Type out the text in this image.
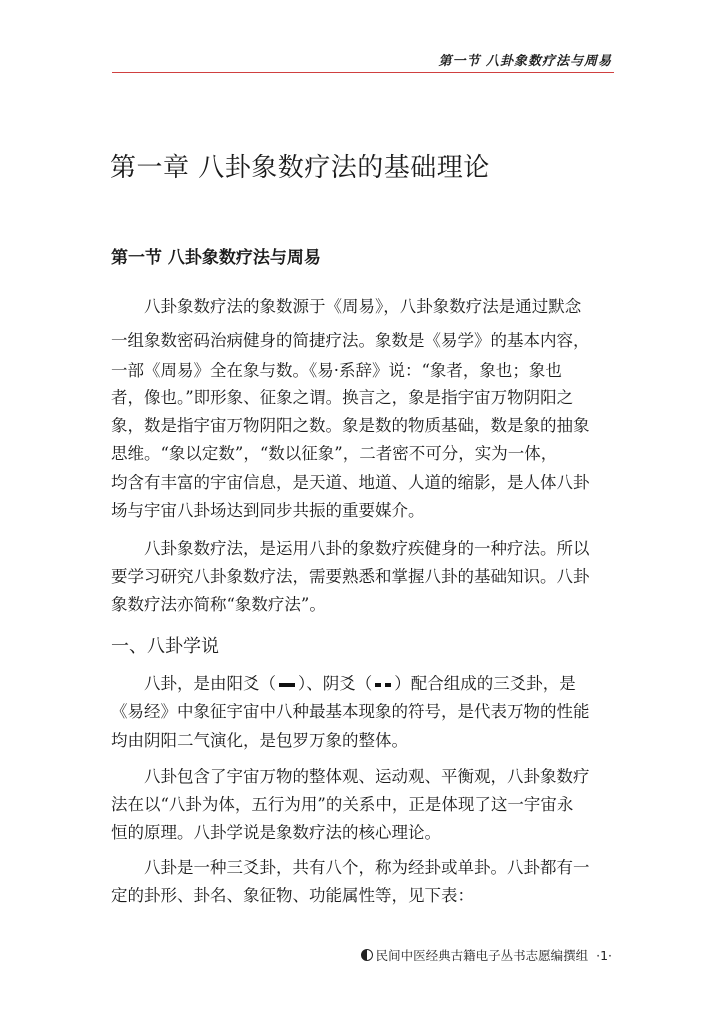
第一节 八卦象数疗法与周易
第一章 八卦象数疗法的基础理论
第一节 八卦象数疗法与周易

八卦象数疗法的象数源于《周易》，八卦象数疗法是通过默念

一组象数密码治病健身的简捷疗法。象数是《易学》的基本内容，

一部《周易》全在象与数。《易·系辞》说：“象者，象也；象也

者，像也。”即形象、征象之谓。换言之，象是指宇宙万物阴阳之

象，数是指宇宙万物阴阳之数。象是数的物质基础，数是象的抽象

思维。“象以定数”，“数以征象”，二者密不可分，实为一体，

均含有丰富的宇宙信息，是天道、地道、人道的缩影，是人体八卦

场与宇宙八卦场达到同步共振的重要媒介。

八卦象数疗法，是运用八卦的象数疗疾健身的一种疗法。所以

要学习研究八卦象数疗法，需要熟悉和掌握八卦的基础知识。八卦

象数疗法亦简称“象数疗法”。

一、八卦学说

八卦，是由阳爻（ ）、阴爻（ ）配合组成的三爻卦，是

《易经》中象征宇宙中八种最基本现象的符号，是代表万物的性能

均由阴阳二气演化，是包罗万象的整体。

八卦包含了宇宙万物的整体观、运动观、平衡观，八卦象数疗

法在以“八卦为体，五行为用”的关系中，正是体现了这一宇宙永

恒的原理。八卦学说是象数疗法的核心理论。

八卦是一种三爻卦，共有八个，称为经卦或单卦。八卦都有一

定的卦形、卦名、象征物、功能属性等，见下表：

民间中医经典古籍电子丛书志愿编撰组 ·1·
